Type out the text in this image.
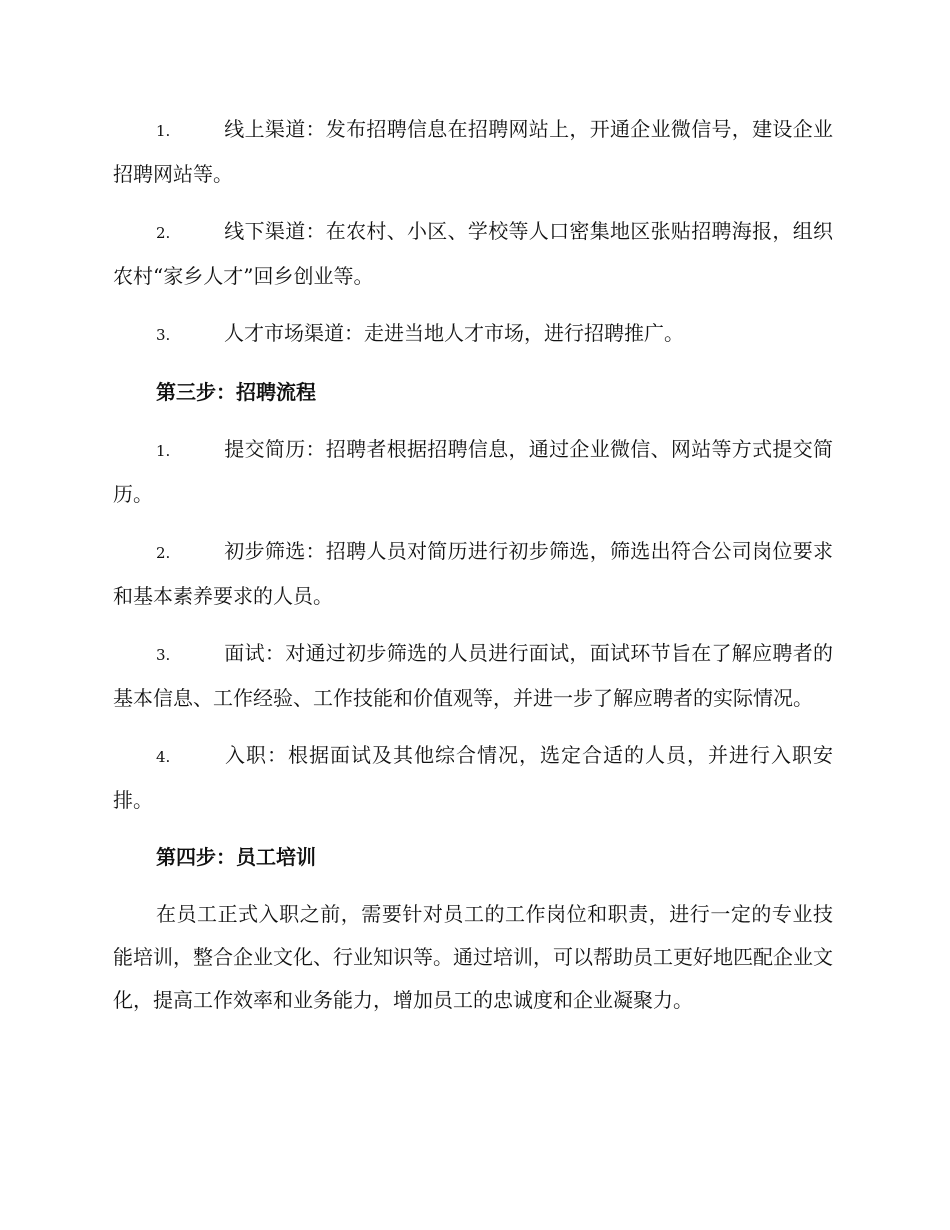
1.	线上渠道：发布招聘信息在招聘网站上，开通企业微信号，建设企业招聘网站等。
2.	线下渠道：在农村、小区、学校等人口密集地区张贴招聘海报，组织农村“家乡人才”回乡创业等。
3.	人才市场渠道：走进当地人才市场，进行招聘推广。
第三步：招聘流程
1.	提交简历：招聘者根据招聘信息，通过企业微信、网站等方式提交简历。
2.	初步筛选：招聘人员对简历进行初步筛选，筛选出符合公司岗位要求和基本素养要求的人员。
3.	面试：对通过初步筛选的人员进行面试，面试环节旨在了解应聘者的基本信息、工作经验、工作技能和价值观等，并进一步了解应聘者的实际情况。
4.	入职：根据面试及其他综合情况，选定合适的人员，并进行入职安排。
第四步：员工培训

在员工正式入职之前，需要针对员工的工作岗位和职责，进行一定的专业技能培训，整合企业文化、行业知识等。通过培训，可以帮助员工更好地匹配企业文化，提高工作效率和业务能力，增加员工的忠诚度和企业凝聚力。
